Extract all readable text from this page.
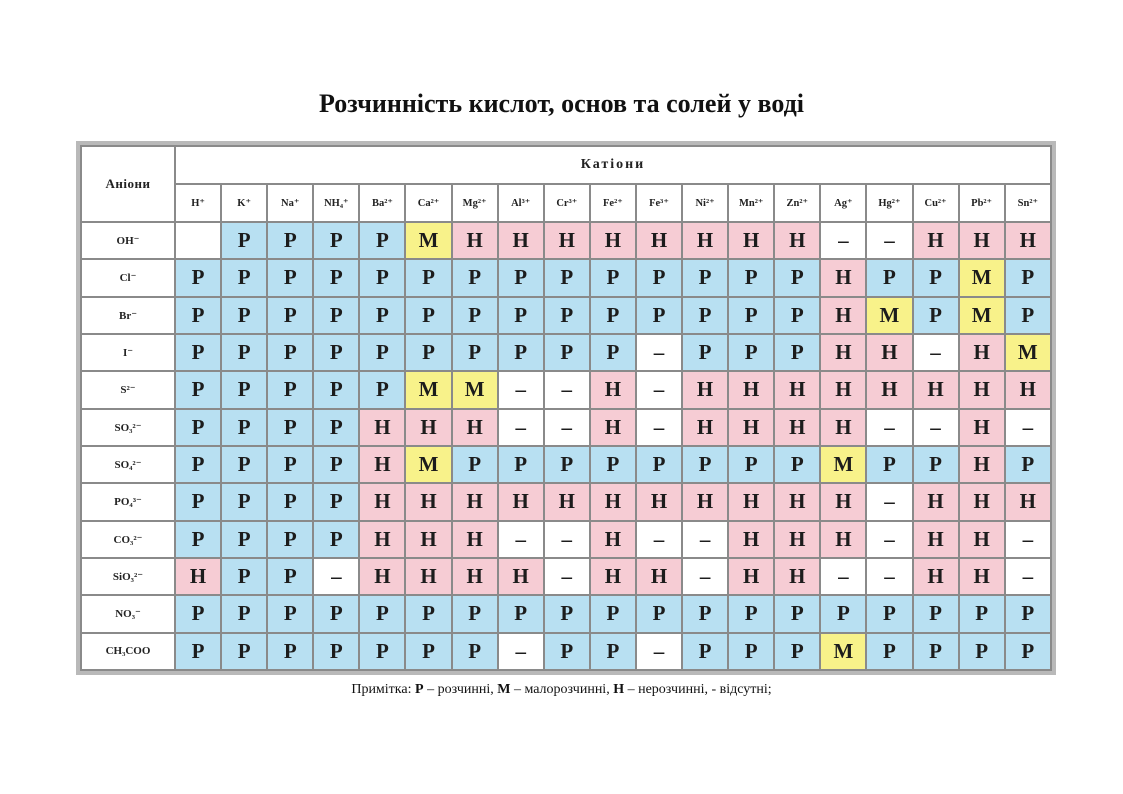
Розчинність кислот, основ та солей у воді
Аніони	Катіони																		
	H⁺	K⁺	Na⁺	NH₄⁺	Ba²⁺	Ca²⁺	Mg²⁺	Al³⁺	Cr³⁺	Fe²⁺	Fe³⁺	Ni²⁺	Mn²⁺	Zn²⁺	Ag⁺	Hg²⁺	Cu²⁺	Pb²⁺	Sn²⁺
OH⁻		Р	Р	Р	Р	М	Н	Н	Н	Н	Н	Н	Н	Н	–	–	Н	Н	Н
Cl⁻	Р	Р	Р	Р	Р	Р	Р	Р	Р	Р	Р	Р	Р	Р	Н	Р	Р	М	Р
Br⁻	Р	Р	Р	Р	Р	Р	Р	Р	Р	Р	Р	Р	Р	Р	Н	М	Р	М	Р
I⁻	Р	Р	Р	Р	Р	Р	Р	Р	Р	Р	–	Р	Р	Р	Н	Н	–	Н	М
S²⁻	Р	Р	Р	Р	Р	М	М	–	–	Н	–	Н	Н	Н	Н	Н	Н	Н	Н
SO₃²⁻	Р	Р	Р	Р	Н	Н	Н	–	–	Н	–	Н	Н	Н	Н	–	–	Н	–
SO₄²⁻	Р	Р	Р	Р	Н	М	Р	Р	Р	Р	Р	Р	Р	Р	М	Р	Р	Н	Р
PO₄³⁻	Р	Р	Р	Р	Н	Н	Н	Н	Н	Н	Н	Н	Н	Н	Н	–	Н	Н	Н
CO₃²⁻	Р	Р	Р	Р	Н	Н	Н	–	–	Н	–	–	Н	Н	Н	–	Н	Н	–
SiO₃²⁻	Н	Р	Р	–	Н	Н	Н	Н	–	Н	Н	–	Н	Н	–	–	Н	Н	–
NO₃⁻	Р	Р	Р	Р	Р	Р	Р	Р	Р	Р	Р	Р	Р	Р	Р	Р	Р	Р	Р
CH₃COO	Р	Р	Р	Р	Р	Р	Р	–	Р	Р	–	Р	Р	Р	М	Р	Р	Р	Р
Примітка: Р – розчинні, М – малорозчинні, Н – нерозчинні, - відсутні;
